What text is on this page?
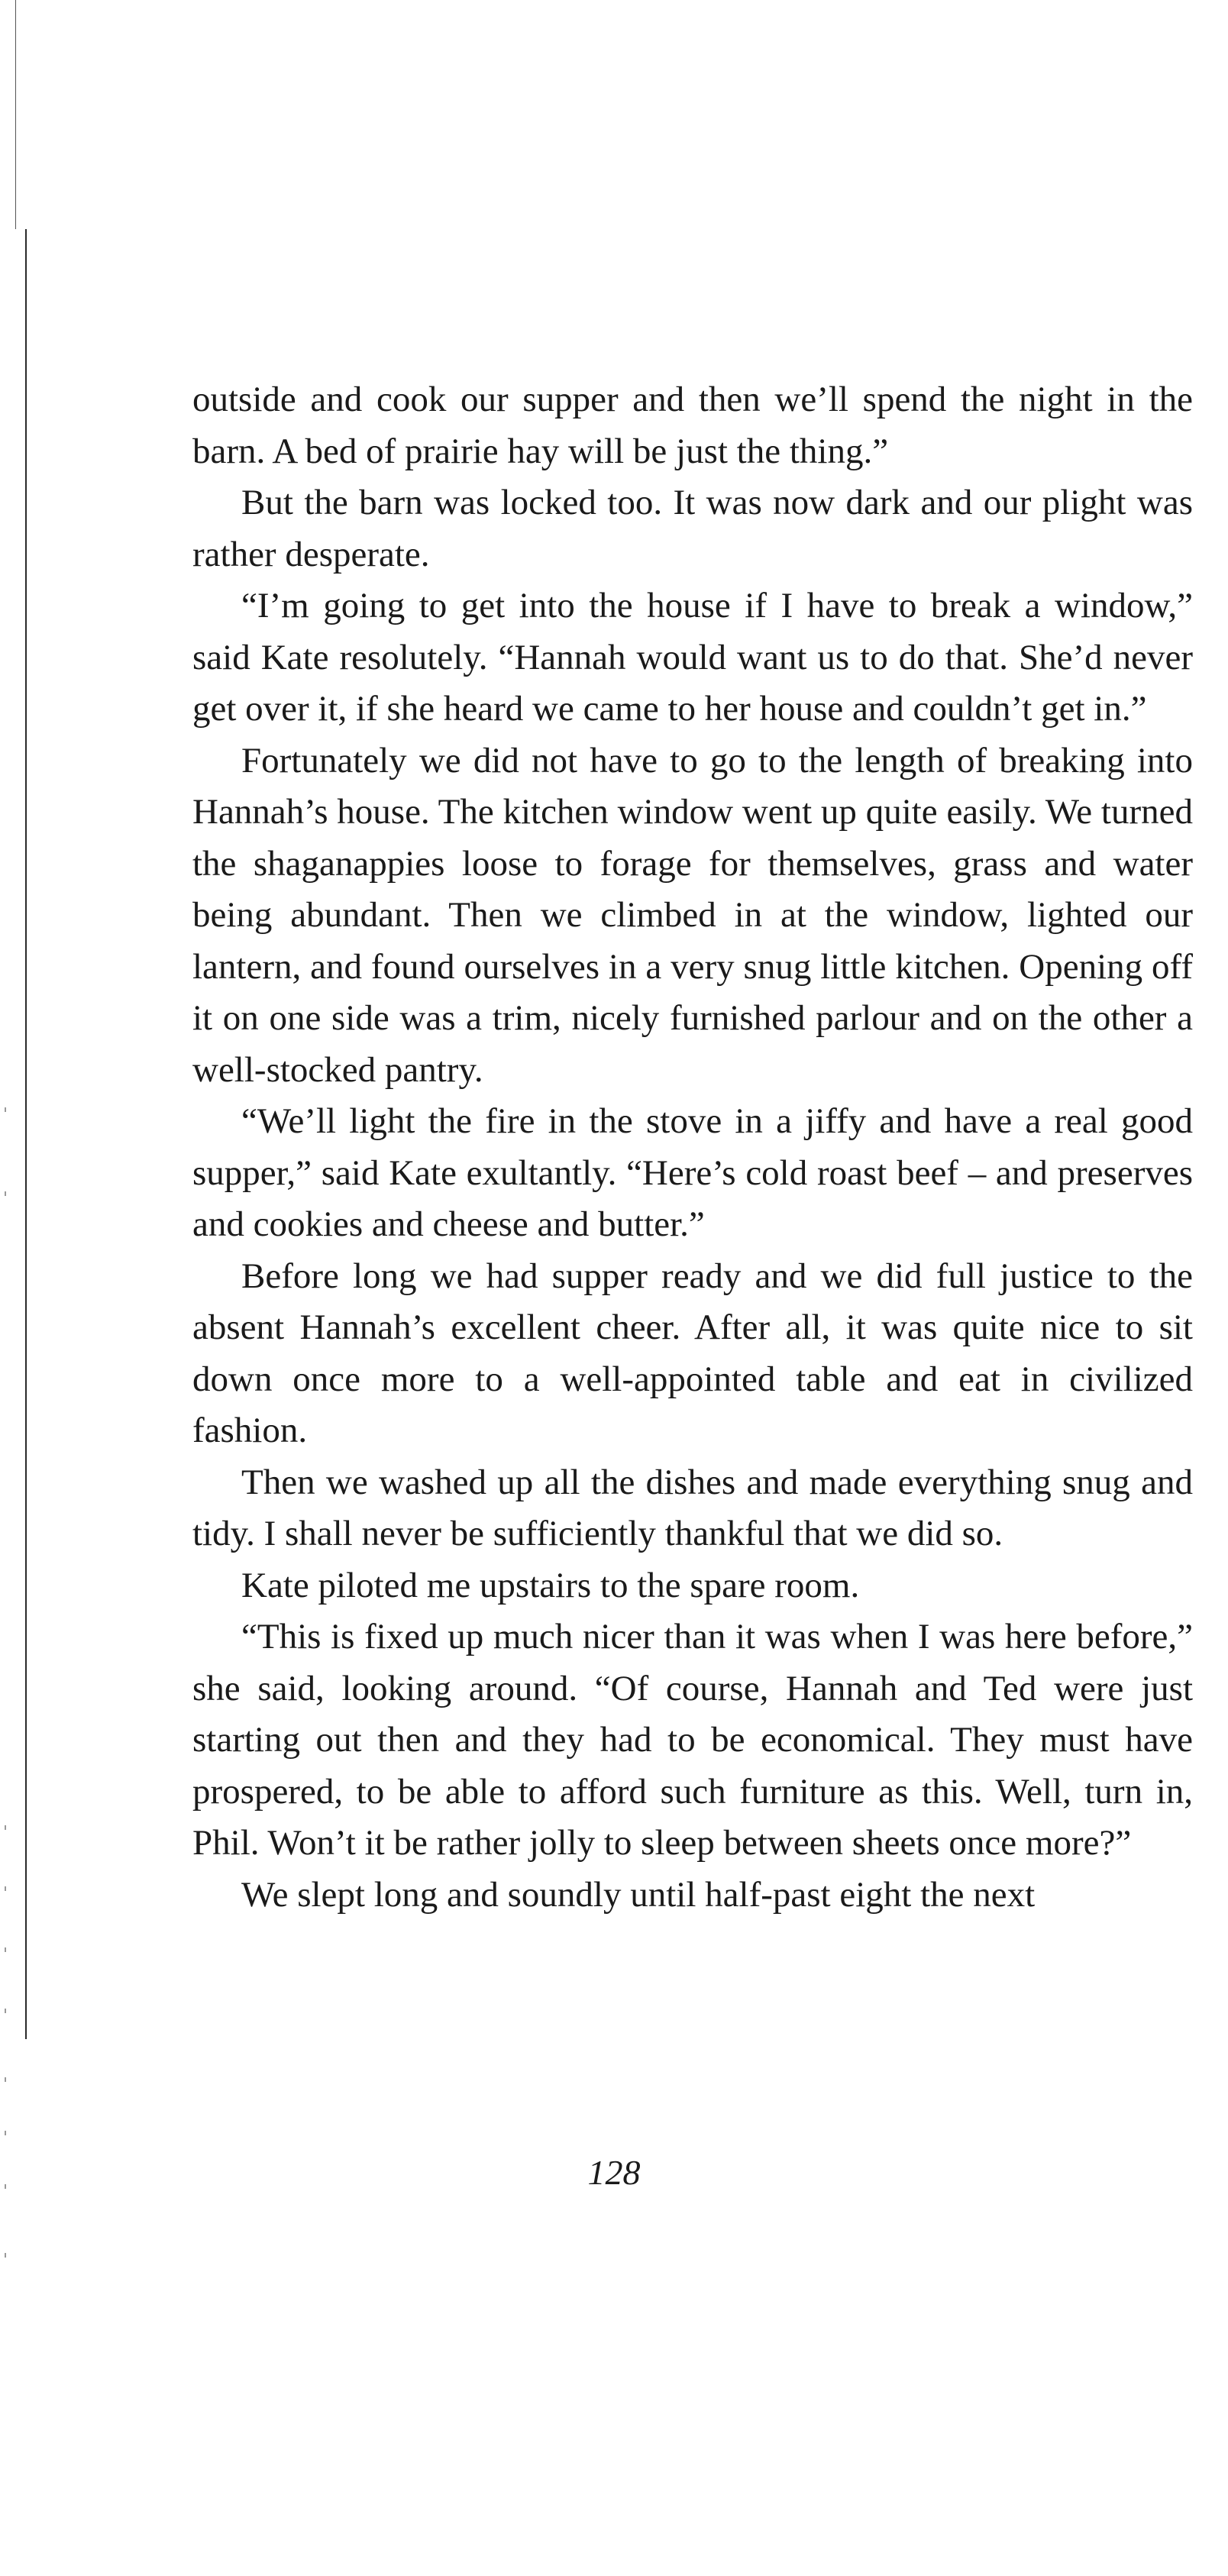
outside and cook our supper and then we’ll spend the night in the barn. A bed of prairie hay will be just the thing.”

But the barn was locked too. It was now dark and our plight was rather desperate.

“I’m going to get into the house if I have to break a window,” said Kate resolutely. “Hannah would want us to do that. She’d never get over it, if she heard we came to her house and couldn’t get in.”

Fortunately we did not have to go to the length of breaking into Hannah’s house. The kitchen window went up quite easily. We turned the shaganappies loose to forage for themselves, grass and water being abundant. Then we climbed in at the window, lighted our lantern, and found ourselves in a very snug little kitchen. Opening off it on one side was a trim, nicely furnished parlour and on the other a well-stocked pantry.

“We’ll light the fire in the stove in a jiffy and have a real good supper,” said Kate exultantly. “Here’s cold roast beef – and preserves and cookies and cheese and butter.”

Before long we had supper ready and we did full justice to the absent Hannah’s excellent cheer. After all, it was quite nice to sit down once more to a well-appointed table and eat in civilized fashion.

Then we washed up all the dishes and made everything snug and tidy. I shall never be sufficiently thankful that we did so.

Kate piloted me upstairs to the spare room.

“This is fixed up much nicer than it was when I was here before,” she said, looking around. “Of course, Hannah and Ted were just starting out then and they had to be economical. They must have prospered, to be able to afford such furniture as this. Well, turn in, Phil. Won’t it be rather jolly to sleep between sheets once more?”

We slept long and soundly until half-past eight the next

128
